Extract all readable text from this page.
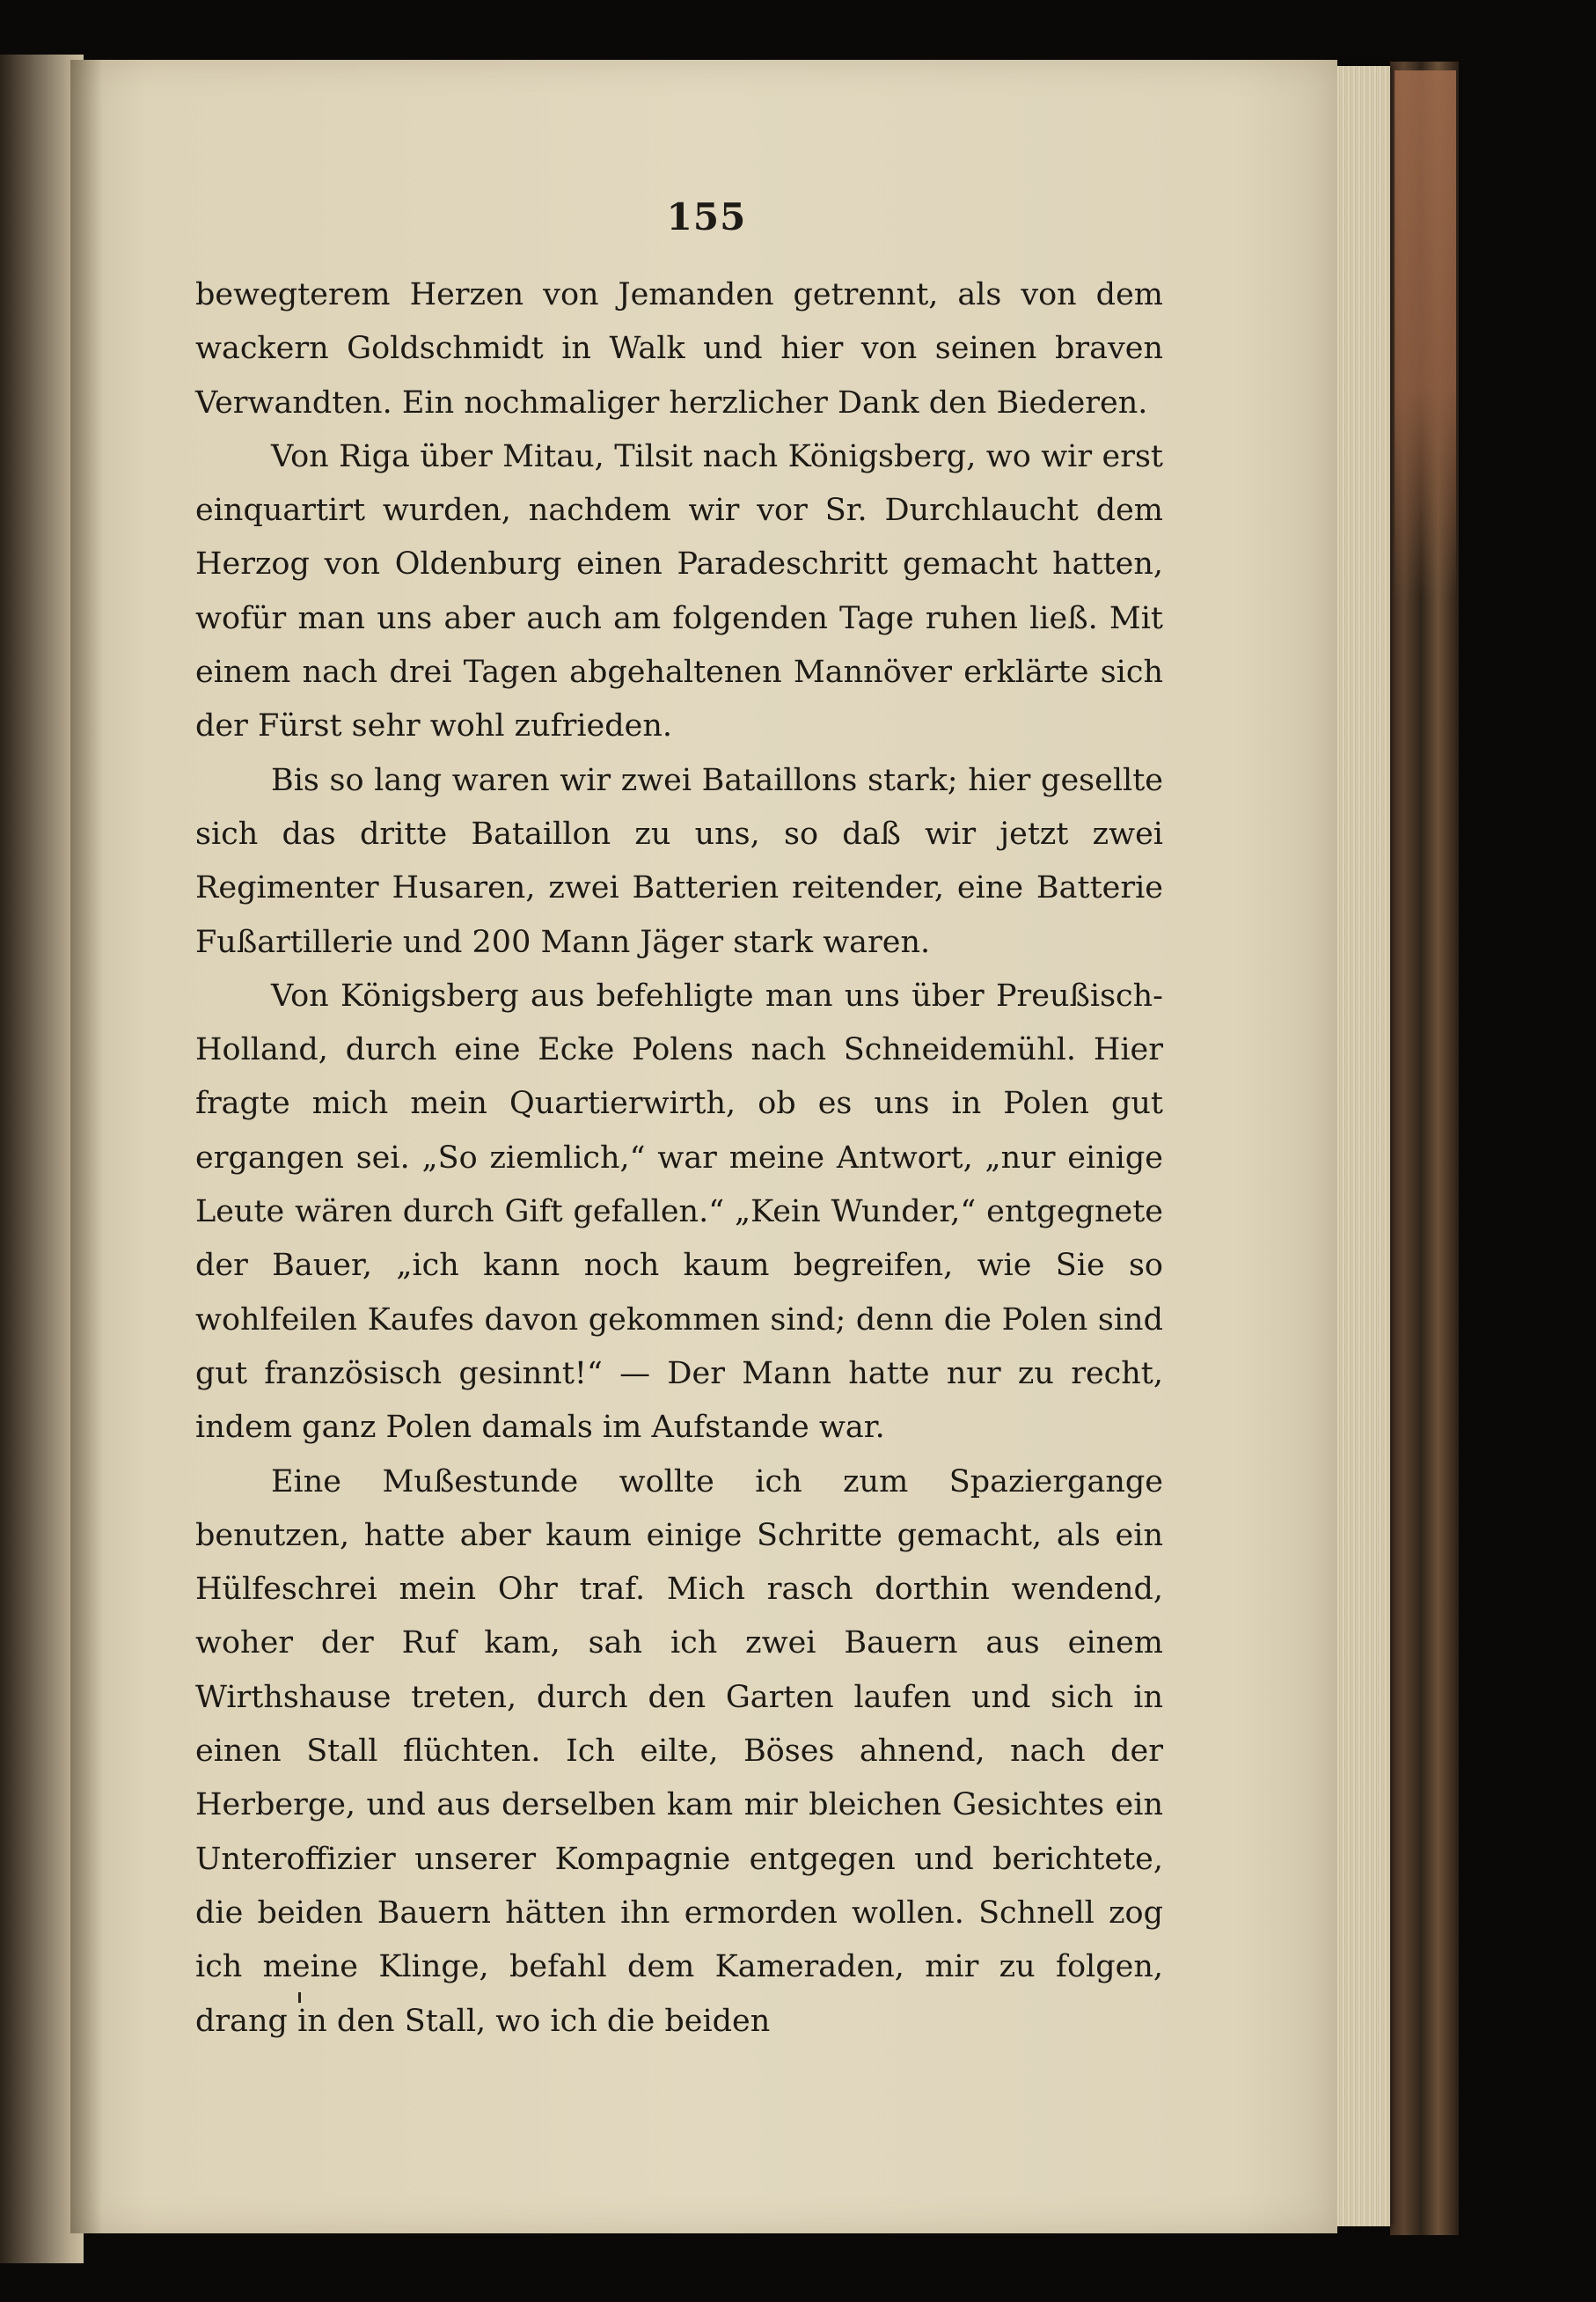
155

bewegterem Herzen von Jemanden getrennt, als von dem wackern Goldschmidt in Walk und hier von seinen braven Verwandten. Ein nochmaliger herzlicher Dank den Biederen.

Von Riga über Mitau, Tilsit nach Königsberg, wo wir erst einquartirt wurden, nachdem wir vor Sr. Durchlaucht dem Herzog von Oldenburg einen Paradeschritt gemacht hatten, wofür man uns aber auch am folgenden Tage ruhen ließ. Mit einem nach drei Tagen abgehaltenen Mannöver erklärte sich der Fürst sehr wohl zufrieden.

Bis so lang waren wir zwei Bataillons stark; hier gesellte sich das dritte Bataillon zu uns, so daß wir jetzt zwei Regimenter Husaren, zwei Batterien reitender, eine Batterie Fußartillerie und 200 Mann Jäger stark waren.

Von Königsberg aus befehligte man uns über Preußisch-Holland, durch eine Ecke Polens nach Schneidemühl. Hier fragte mich mein Quartierwirth, ob es uns in Polen gut ergangen sei. „So ziemlich,“ war meine Antwort, „nur einige Leute wären durch Gift gefallen.“ „Kein Wunder,“ entgegnete der Bauer, „ich kann noch kaum begreifen, wie Sie so wohlfeilen Kaufes davon gekommen sind; denn die Polen sind gut französisch gesinnt!“ — Der Mann hatte nur zu recht, indem ganz Polen damals im Aufstande war.

Eine Mußestunde wollte ich zum Spaziergange benutzen, hatte aber kaum einige Schritte gemacht, als ein Hülfeschrei mein Ohr traf. Mich rasch dorthin wendend, woher der Ruf kam, sah ich zwei Bauern aus einem Wirthshause treten, durch den Garten laufen und sich in einen Stall flüchten. Ich eilte, Böses ahnend, nach der Herberge, und aus derselben kam mir bleichen Gesichtes ein Unteroffizier unserer Kompagnie entgegen und berichtete, die beiden Bauern hätten ihn ermorden wollen. Schnell zog ich meine Klinge, befahl dem Kameraden, mir zu folgen, drang in den Stall, wo ich die beiden
